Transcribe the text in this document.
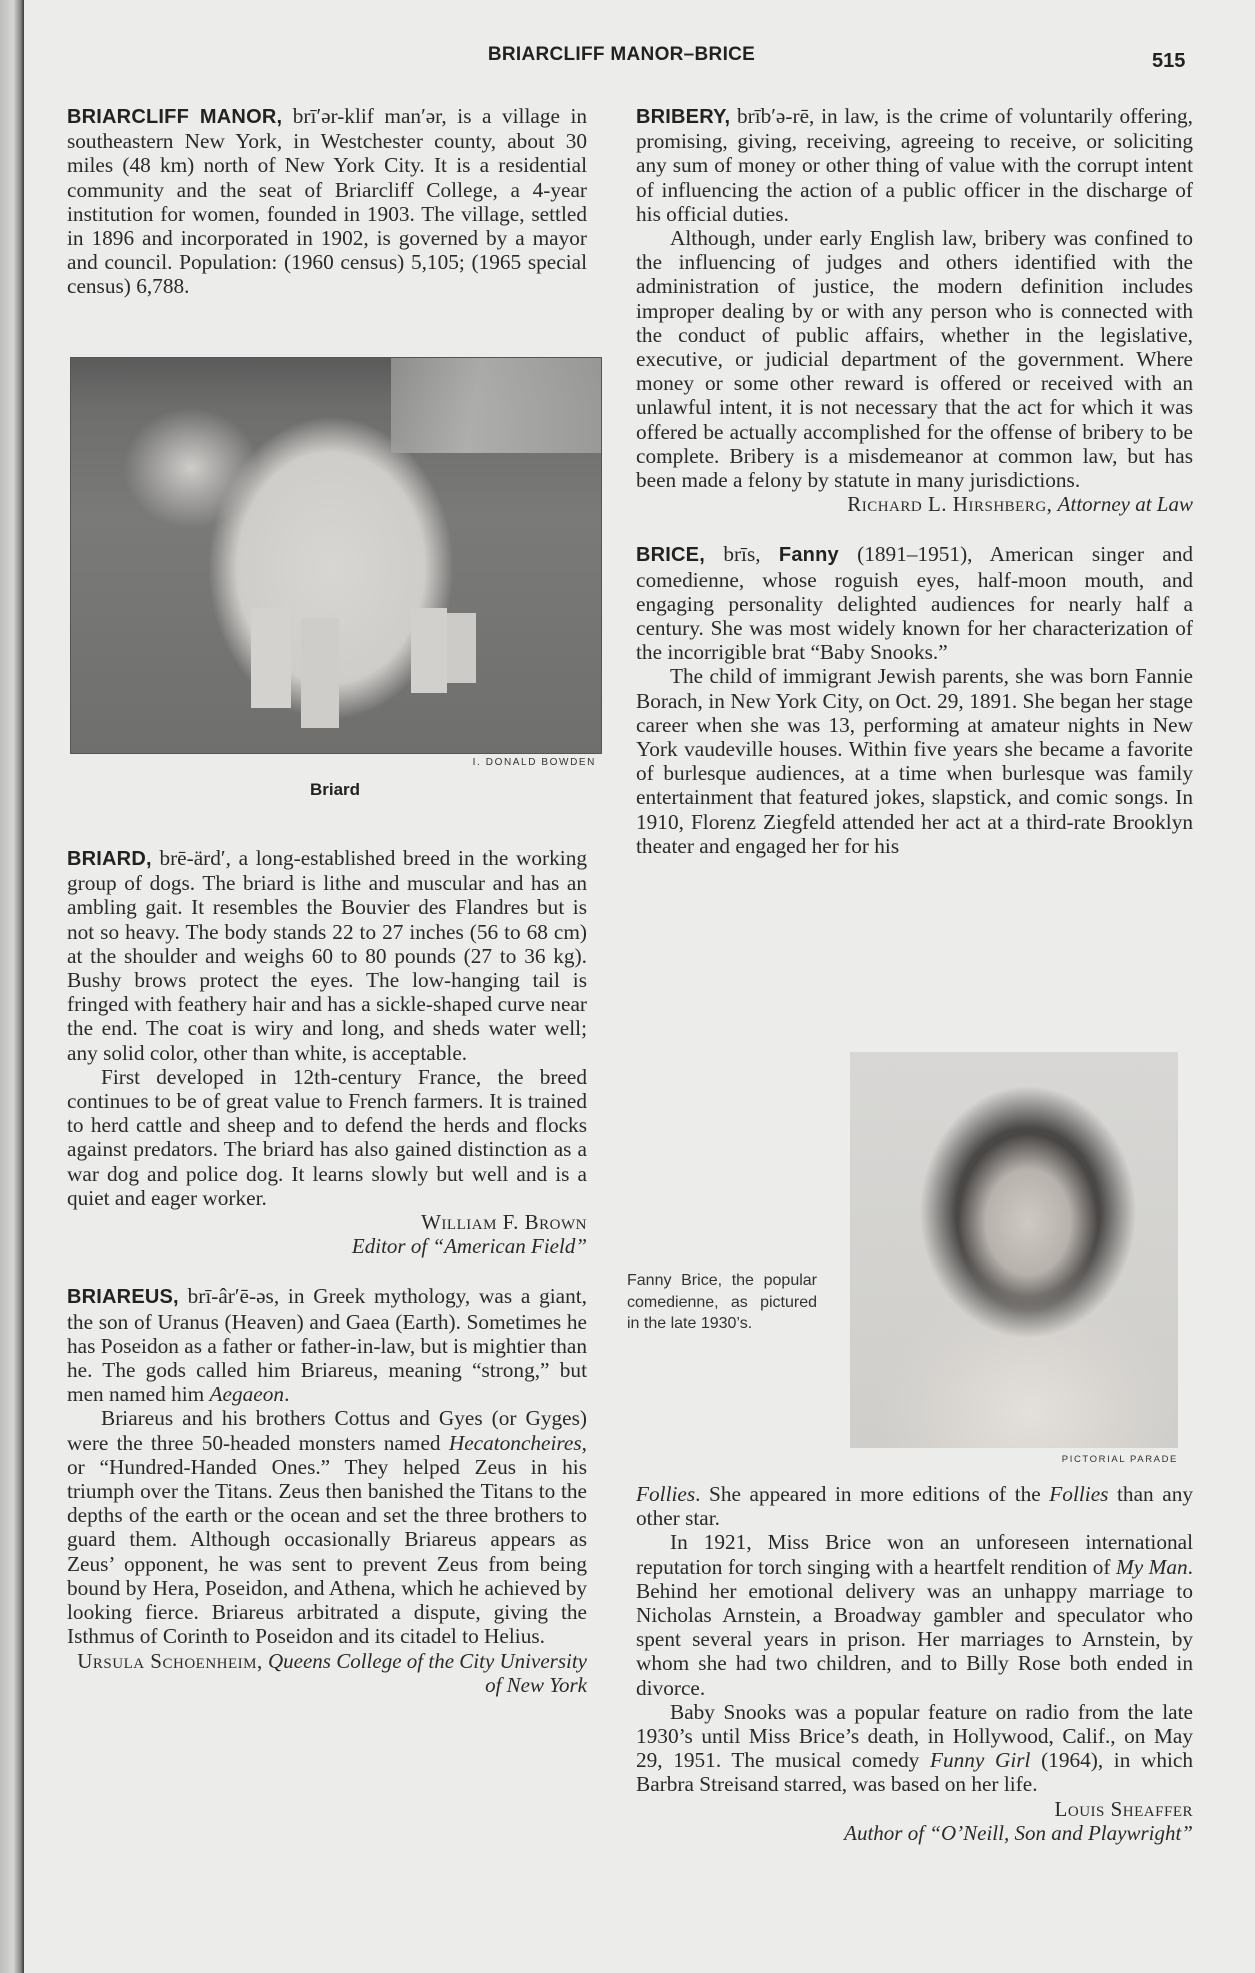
BRIARCLIFF MANOR–BRICE	515

BRIARCLIFF MANOR, brī′ər-klif man′ər, is a village in southeastern New York, in Westchester county, about 30 miles (48 km) north of New York City. It is a residential community and the seat of Briarcliff College, a 4-year institution for women, founded in 1903. The village, settled in 1896 and incorporated in 1902, is governed by a mayor and council. Population: (1960 census) 5,105; (1965 special census) 6,788.

I. DONALD BOWDEN
Briard

BRIARD, brē-ärd′, a long-established breed in the working group of dogs. The briard is lithe and muscular and has an ambling gait. It resembles the Bouvier des Flandres but is not so heavy. The body stands 22 to 27 inches (56 to 68 cm) at the shoulder and weighs 60 to 80 pounds (27 to 36 kg). Bushy brows protect the eyes. The low-hanging tail is fringed with feathery hair and has a sickle-shaped curve near the end. The coat is wiry and long, and sheds water well; any solid color, other than white, is acceptable.

First developed in 12th-century France, the breed continues to be of great value to French farmers. It is trained to herd cattle and sheep and to defend the herds and flocks against predators. The briard has also gained distinction as a war dog and police dog. It learns slowly but well and is a quiet and eager worker.

William F. Brown
Editor of “American Field”

BRIAREUS, brī-âr′ē-əs, in Greek mythology, was a giant, the son of Uranus (Heaven) and Gaea (Earth). Sometimes he has Poseidon as a father or father-in-law, but is mightier than he. The gods called him Briareus, meaning “strong,” but men named him Aegaeon.

Briareus and his brothers Cottus and Gyes (or Gyges) were the three 50-headed monsters named Hecatoncheires, or “Hundred-Handed Ones.” They helped Zeus in his triumph over the Titans. Zeus then banished the Titans to the depths of the earth or the ocean and set the three brothers to guard them. Although occasionally Briareus appears as Zeus’ opponent, he was sent to prevent Zeus from being bound by Hera, Poseidon, and Athena, which he achieved by looking fierce. Briareus arbitrated a dispute, giving the Isthmus of Corinth to Poseidon and its citadel to Helius.

Ursula Schoenheim, Queens College of the City University of New York

BRIBERY, brīb′ə-rē, in law, is the crime of voluntarily offering, promising, giving, receiving, agreeing to receive, or soliciting any sum of money or other thing of value with the corrupt intent of influencing the action of a public officer in the discharge of his official duties.

Although, under early English law, bribery was confined to the influencing of judges and others identified with the administration of justice, the modern definition includes improper dealing by or with any person who is connected with the conduct of public affairs, whether in the legislative, executive, or judicial department of the government. Where money or some other reward is offered or received with an unlawful intent, it is not necessary that the act for which it was offered be actually accomplished for the offense of bribery to be complete. Bribery is a misdemeanor at common law, but has been made a felony by statute in many jurisdictions.

Richard L. Hirshberg, Attorney at Law

BRICE, brīs, Fanny (1891–1951), American singer and comedienne, whose roguish eyes, half-moon mouth, and engaging personality delighted audiences for nearly half a century. She was most widely known for her characterization of the incorrigible brat “Baby Snooks.”

The child of immigrant Jewish parents, she was born Fannie Borach, in New York City, on Oct. 29, 1891. She began her stage career when she was 13, performing at amateur nights in New York vaudeville houses. Within five years she became a favorite of burlesque audiences, at a time when burlesque was family entertainment that featured jokes, slapstick, and comic songs. In 1910, Florenz Ziegfeld attended her act at a third-rate Brooklyn theater and engaged her for his

Fanny Brice, the popular comedienne, as pictured in the late 1930’s.
PICTORIAL PARADE

Follies. She appeared in more editions of the Follies than any other star.

In 1921, Miss Brice won an unforeseen international reputation for torch singing with a heartfelt rendition of My Man. Behind her emotional delivery was an unhappy marriage to Nicholas Arnstein, a Broadway gambler and speculator who spent several years in prison. Her marriages to Arnstein, by whom she had two children, and to Billy Rose both ended in divorce.

Baby Snooks was a popular feature on radio from the late 1930’s until Miss Brice’s death, in Hollywood, Calif., on May 29, 1951. The musical comedy Funny Girl (1964), in which Barbra Streisand starred, was based on her life.

Louis Sheaffer
Author of “O’Neill, Son and Playwright”
